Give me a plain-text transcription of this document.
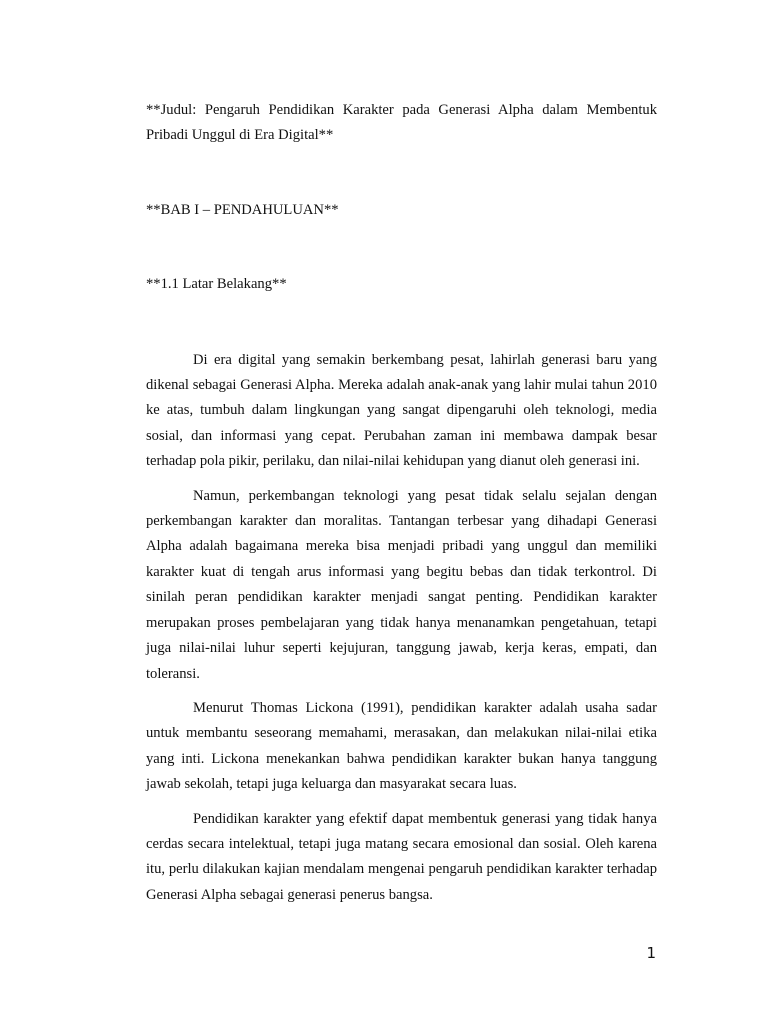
**Judul: Pengaruh Pendidikan Karakter pada Generasi Alpha dalam Membentuk Pribadi Unggul di Era Digital**

**BAB I – PENDAHULUAN**

**1.1 Latar Belakang**

Di era digital yang semakin berkembang pesat, lahirlah generasi baru yang dikenal sebagai Generasi Alpha. Mereka adalah anak-anak yang lahir mulai tahun 2010 ke atas, tumbuh dalam lingkungan yang sangat dipengaruhi oleh teknologi, media sosial, dan informasi yang cepat. Perubahan zaman ini membawa dampak besar terhadap pola pikir, perilaku, dan nilai-nilai kehidupan yang dianut oleh generasi ini.

Namun, perkembangan teknologi yang pesat tidak selalu sejalan dengan perkembangan karakter dan moralitas. Tantangan terbesar yang dihadapi Generasi Alpha adalah bagaimana mereka bisa menjadi pribadi yang unggul dan memiliki karakter kuat di tengah arus informasi yang begitu bebas dan tidak terkontrol. Di sinilah peran pendidikan karakter menjadi sangat penting. Pendidikan karakter merupakan proses pembelajaran yang tidak hanya menanamkan pengetahuan, tetapi juga nilai-nilai luhur seperti kejujuran, tanggung jawab, kerja keras, empati, dan toleransi.

Menurut Thomas Lickona (1991), pendidikan karakter adalah usaha sadar untuk membantu seseorang memahami, merasakan, dan melakukan nilai-nilai etika yang inti. Lickona menekankan bahwa pendidikan karakter bukan hanya tanggung jawab sekolah, tetapi juga keluarga dan masyarakat secara luas.

Pendidikan karakter yang efektif dapat membentuk generasi yang tidak hanya cerdas secara intelektual, tetapi juga matang secara emosional dan sosial. Oleh karena itu, perlu dilakukan kajian mendalam mengenai pengaruh pendidikan karakter terhadap Generasi Alpha sebagai generasi penerus bangsa.

1
